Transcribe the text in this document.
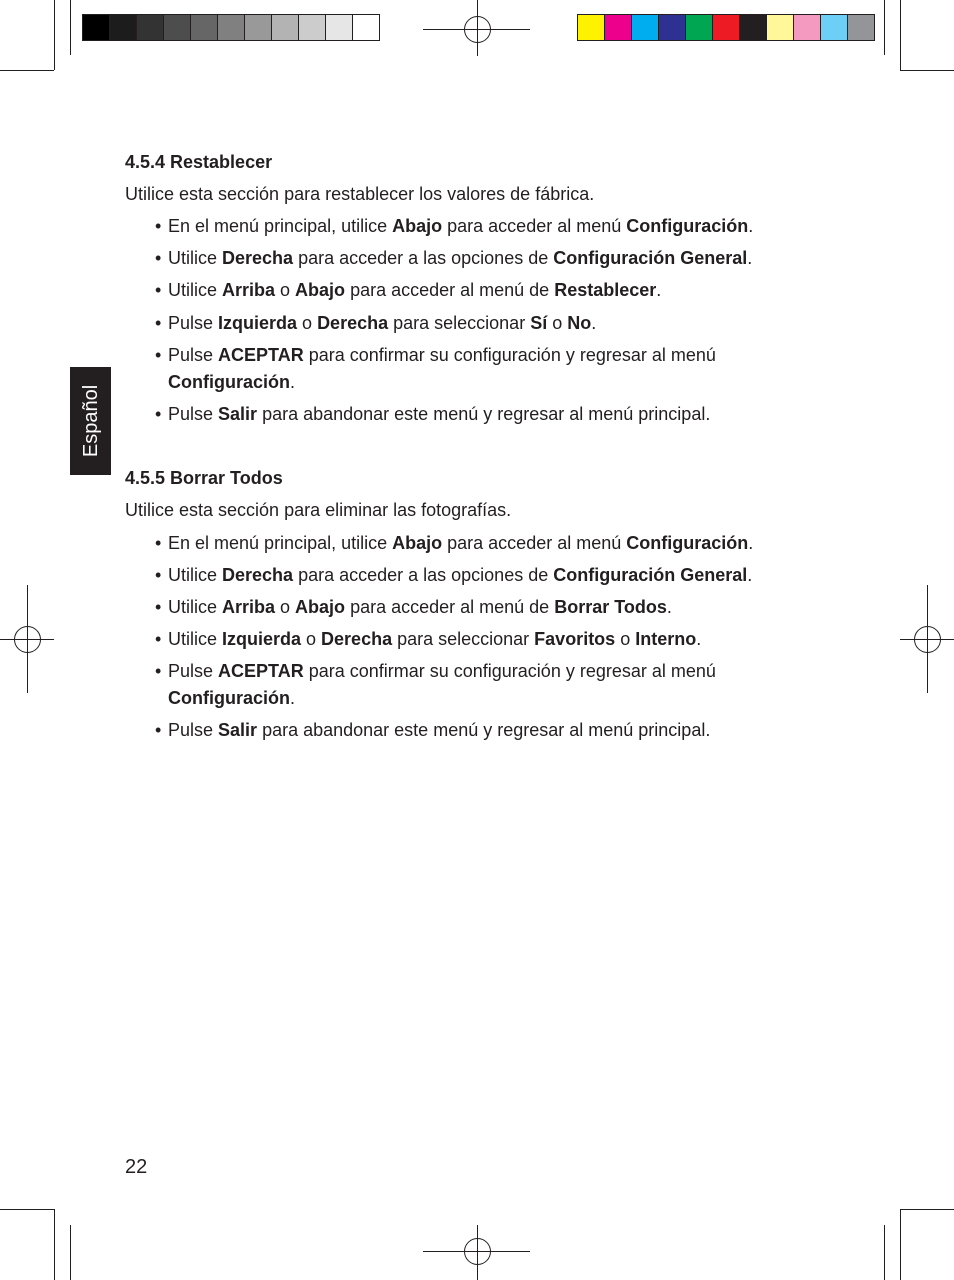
Español
4.5.4 Restablecer
Utilice esta sección para restablecer los valores de fábrica.
• En el menú principal, utilice Abajo para acceder al menú Configuración.
• Utilice Derecha para acceder a las opciones de Configuración General.
• Utilice Arriba o Abajo para acceder al menú de Restablecer.
• Pulse Izquierda o Derecha para seleccionar Sí o No.
• Pulse ACEPTAR para confirmar su configuración y regresar al menú
Configuración.
• Pulse Salir para abandonar este menú y regresar al menú principal.
4.5.5 Borrar Todos
Utilice esta sección para eliminar las fotografías.
• En el menú principal, utilice Abajo para acceder al menú Configuración.
• Utilice Derecha para acceder a las opciones de Configuración General.
• Utilice Arriba o Abajo para acceder al menú de Borrar Todos.
• Utilice Izquierda o Derecha para seleccionar Favoritos o Interno.
• Pulse ACEPTAR para confirmar su configuración y regresar al menú
Configuración.
• Pulse Salir para abandonar este menú y regresar al menú principal.
22
